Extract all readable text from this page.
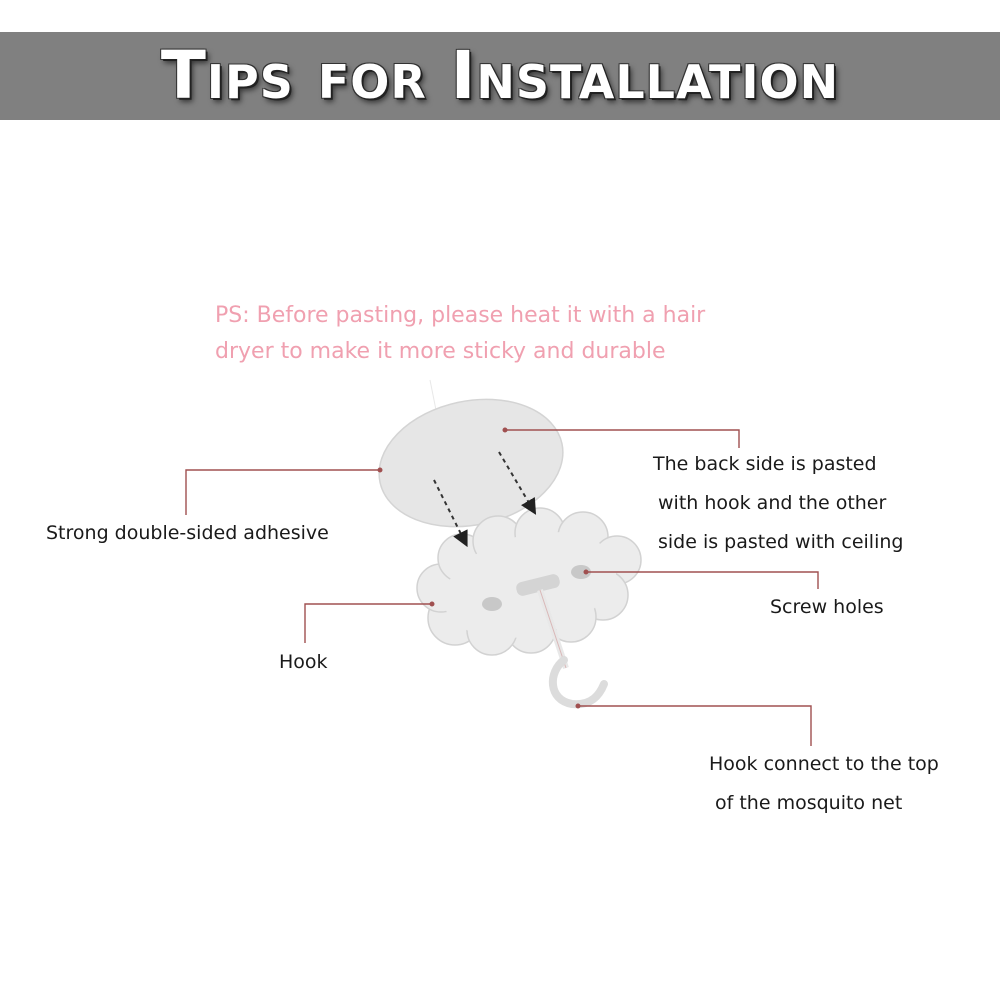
Tips for Installation
PS: Before pasting, please heat it with a hair
dryer to make it more sticky and durable
Strong double-sided adhesive
The back side is pasted
with hook and the other
side is pasted with ceiling
Screw holes
Hook
Hook connect to the top
of the mosquito net
